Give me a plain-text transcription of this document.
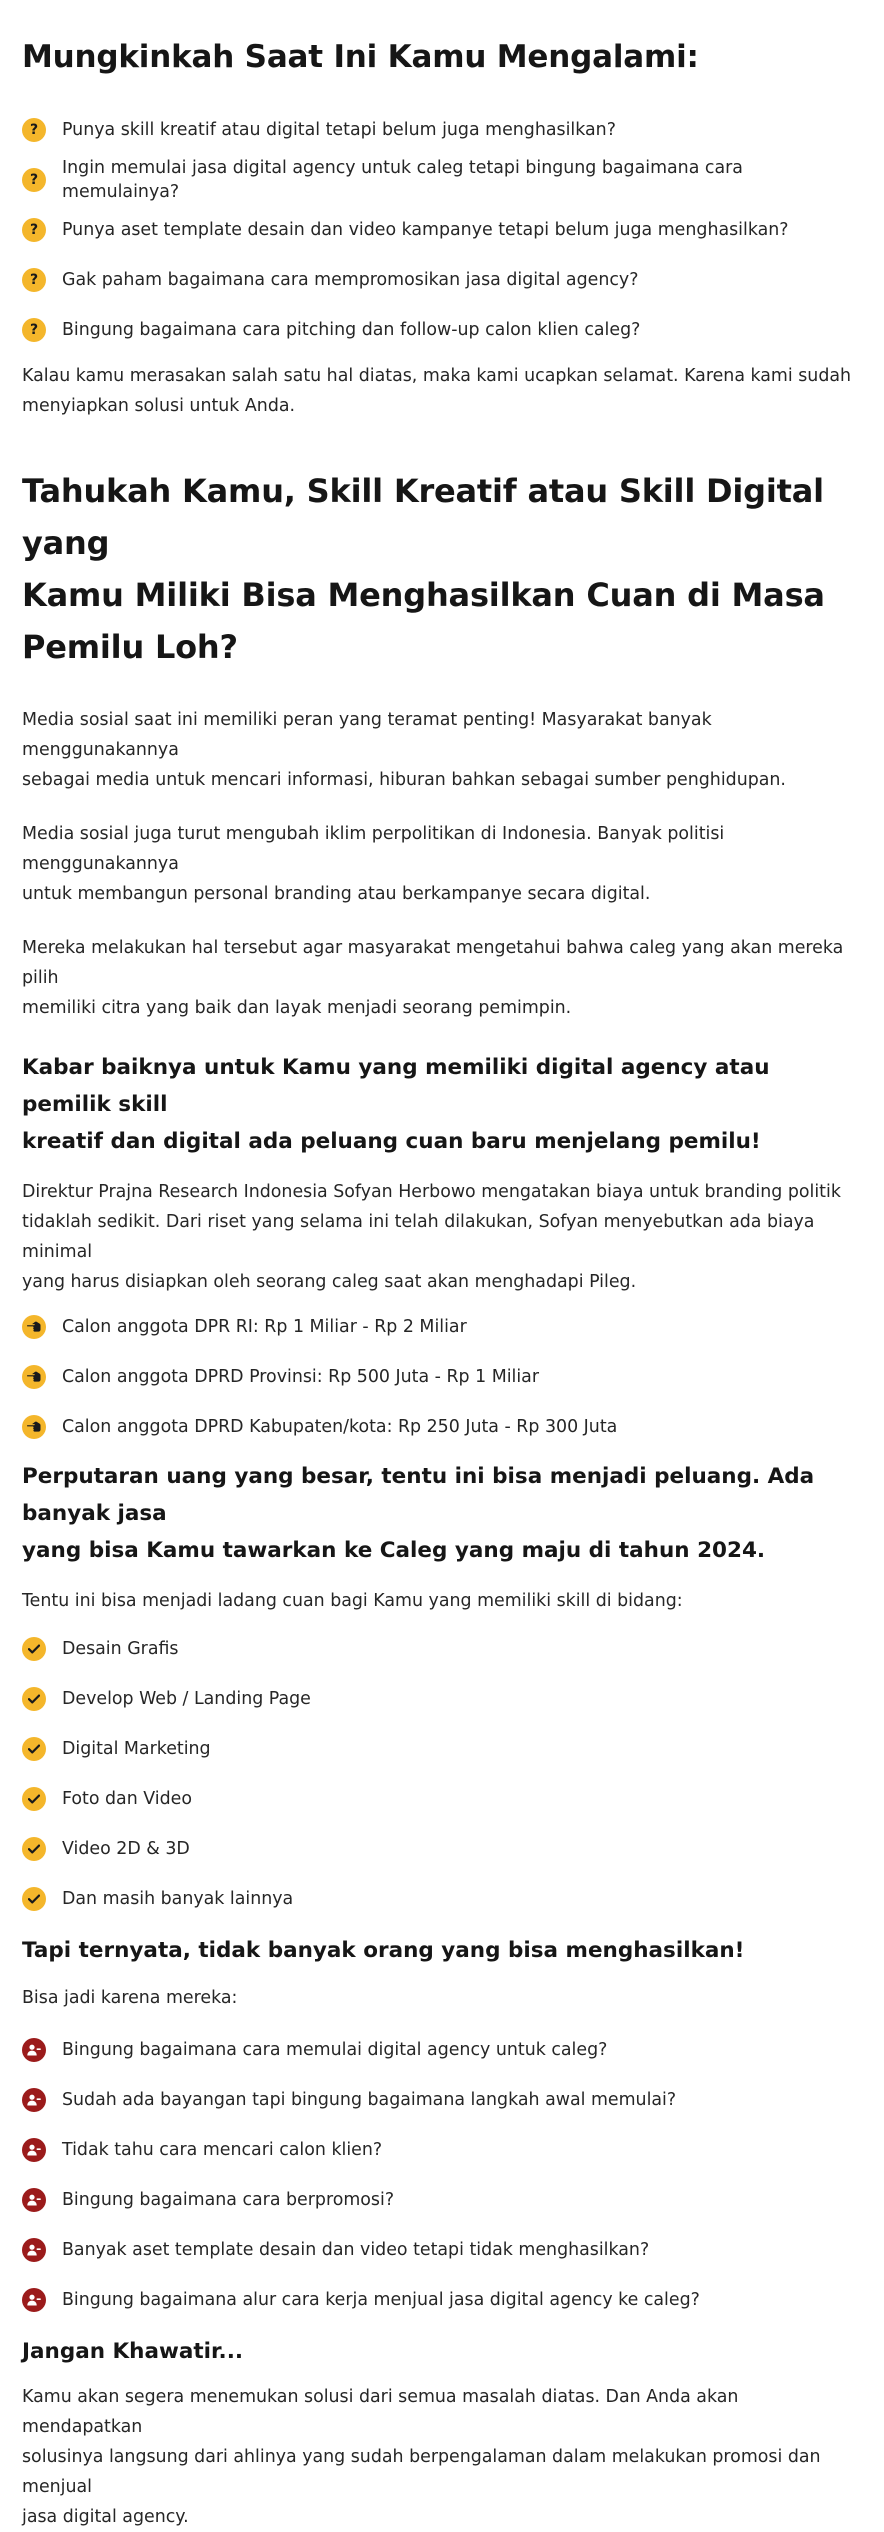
Mungkinkah Saat Ini Kamu Mengalami:
? Punya skill kreatif atau digital tetapi belum juga menghasilkan?
?
Ingin memulai jasa digital agency untuk caleg tetapi bingung bagaimana cara memulainya?
? Punya aset template desain dan video kampanye tetapi belum juga menghasilkan?
? Gak paham bagaimana cara mempromosikan jasa digital agency?
? Bingung bagaimana cara pitching dan follow-up calon klien caleg?

Kalau kamu merasakan salah satu hal diatas, maka kami ucapkan selamat. Karena kami sudah
menyiapkan solusi untuk Anda.

Tahukah Kamu, Skill Kreatif atau Skill Digital yang
Kamu Miliki Bisa Menghasilkan Cuan di Masa
Pemilu Loh?

Media sosial saat ini memiliki peran yang teramat penting! Masyarakat banyak menggunakannya
sebagai media untuk mencari informasi, hiburan bahkan sebagai sumber penghidupan.

Media sosial juga turut mengubah iklim perpolitikan di Indonesia. Banyak politisi menggunakannya
untuk membangun personal branding atau berkampanye secara digital.

Mereka melakukan hal tersebut agar masyarakat mengetahui bahwa caleg yang akan mereka pilih
memiliki citra yang baik dan layak menjadi seorang pemimpin.

Kabar baiknya untuk Kamu yang memiliki digital agency atau pemilik skill
kreatif dan digital ada peluang cuan baru menjelang pemilu!

Direktur Prajna Research Indonesia Sofyan Herbowo mengatakan biaya untuk branding politik
tidaklah sedikit. Dari riset yang selama ini telah dilakukan, Sofyan menyebutkan ada biaya minimal
yang harus disiapkan oleh seorang caleg saat akan menghadapi Pileg.

Calon anggota DPR RI: Rp 1 Miliar - Rp 2 Miliar
Calon anggota DPRD Provinsi: Rp 500 Juta - Rp 1 Miliar
Calon anggota DPRD Kabupaten/kota: Rp 250 Juta - Rp 300 Juta
Perputaran uang yang besar, tentu ini bisa menjadi peluang. Ada banyak jasa
yang bisa Kamu tawarkan ke Caleg yang maju di tahun 2024.

Tentu ini bisa menjadi ladang cuan bagi Kamu yang memiliki skill di bidang:

Desain Grafis
Develop Web / Landing Page
Digital Marketing
Foto dan Video
Video 2D & 3D
Dan masih banyak lainnya
Tapi ternyata, tidak banyak orang yang bisa menghasilkan!

Bisa jadi karena mereka:

Bingung bagaimana cara memulai digital agency untuk caleg?
Sudah ada bayangan tapi bingung bagaimana langkah awal memulai?
Tidak tahu cara mencari calon klien?
Bingung bagaimana cara berpromosi?
Banyak aset template desain dan video tetapi tidak menghasilkan?
Bingung bagaimana alur cara kerja menjual jasa digital agency ke caleg?
Jangan Khawatir...

Kamu akan segera menemukan solusi dari semua masalah diatas. Dan Anda akan mendapatkan
solusinya langsung dari ahlinya yang sudah berpengalaman dalam melakukan promosi dan menjual
jasa digital agency.
